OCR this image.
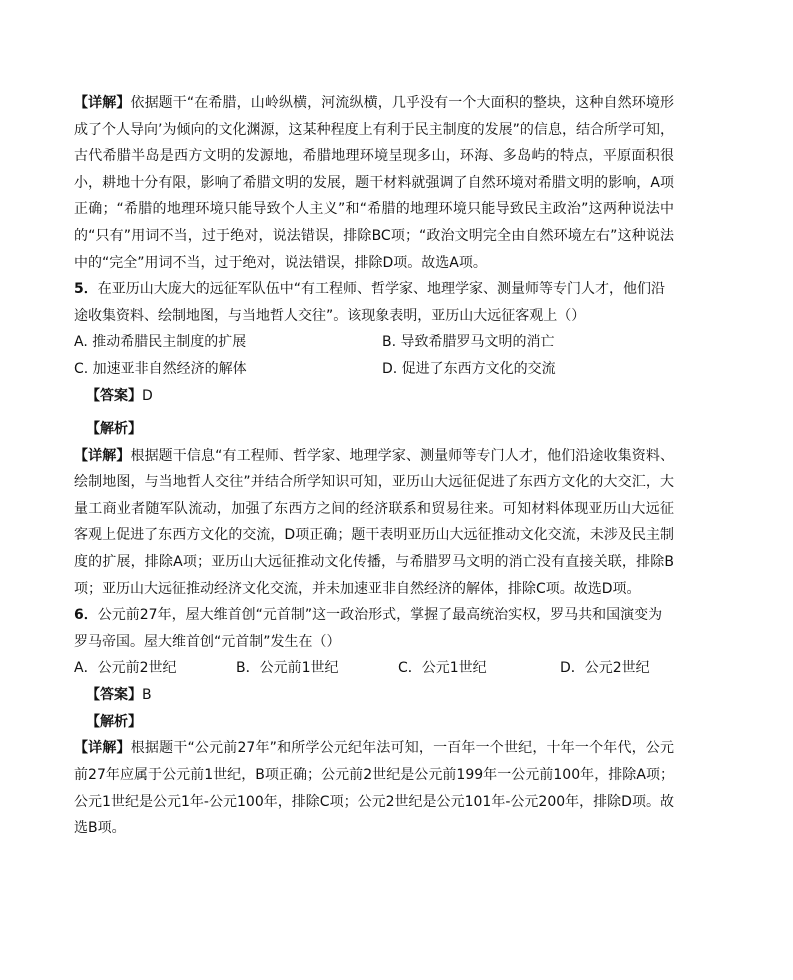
【详解】依据题干“在希腊，山岭纵横，河流纵横，几乎没有一个大面积的整块，这种自然环境形成了个人导向’为倾向的文化渊源，这某种程度上有利于民主制度的发展”的信息，结合所学可知，古代希腊半岛是西方文明的发源地，希腊地理环境呈现多山，环海、多岛屿的特点，平原面积很小，耕地十分有限，影响了希腊文明的发展，题干材料就强调了自然环境对希腊文明的影响，A项正确；“希腊的地理环境只能导致个人主义”和“希腊的地理环境只能导致民主政治”这两种说法中的“只有”用词不当，过于绝对，说法错误，排除BC项；“政治文明完全由自然环境左右”这种说法中的“完全”用词不当，过于绝对，说法错误，排除D项。故选A项。

5．在亚历山大庞大的远征军队伍中“有工程师、哲学家、地理学家、测量师等专门人才，他们沿途收集资料、绘制地图，与当地哲人交往”。该现象表明，亚历山大远征客观上（）

A. 推动希腊民主制度的扩展	B. 导致希腊罗马文明的消亡
C. 加速亚非自然经济的解体	D. 促进了东西方文化的交流

【答案】D

【解析】

【详解】根据题干信息“有工程师、哲学家、地理学家、测量师等专门人才，他们沿途收集资料、绘制地图，与当地哲人交往”并结合所学知识可知，亚历山大远征促进了东西方文化的大交汇，大量工商业者随军队流动，加强了东西方之间的经济联系和贸易往来。可知材料体现亚历山大远征客观上促进了东西方文化的交流，D项正确；题干表明亚历山大远征推动文化交流，未涉及民主制度的扩展，排除A项；亚历山大远征推动文化传播，与希腊罗马文明的消亡没有直接关联，排除B项；亚历山大远征推动经济文化交流，并未加速亚非自然经济的解体，排除C项。故选D项。

6．公元前27年，屋大维首创“元首制”这一政治形式，掌握了最高统治实权，罗马共和国演变为罗马帝国。屋大维首创“元首制”发生在（）

A．公元前2世纪	B．公元前1世纪	C．公元1世纪	D．公元2世纪

【答案】B

【解析】

【详解】根据题干“公元前27年”和所学公元纪年法可知，一百年一个世纪，十年一个年代，公元前27年应属于公元前1世纪，B项正确；公元前2世纪是公元前199年一公元前100年，排除A项；公元1世纪是公元1年-公元100年，排除C项；公元2世纪是公元101年-公元200年，排除D项。故选B项。
